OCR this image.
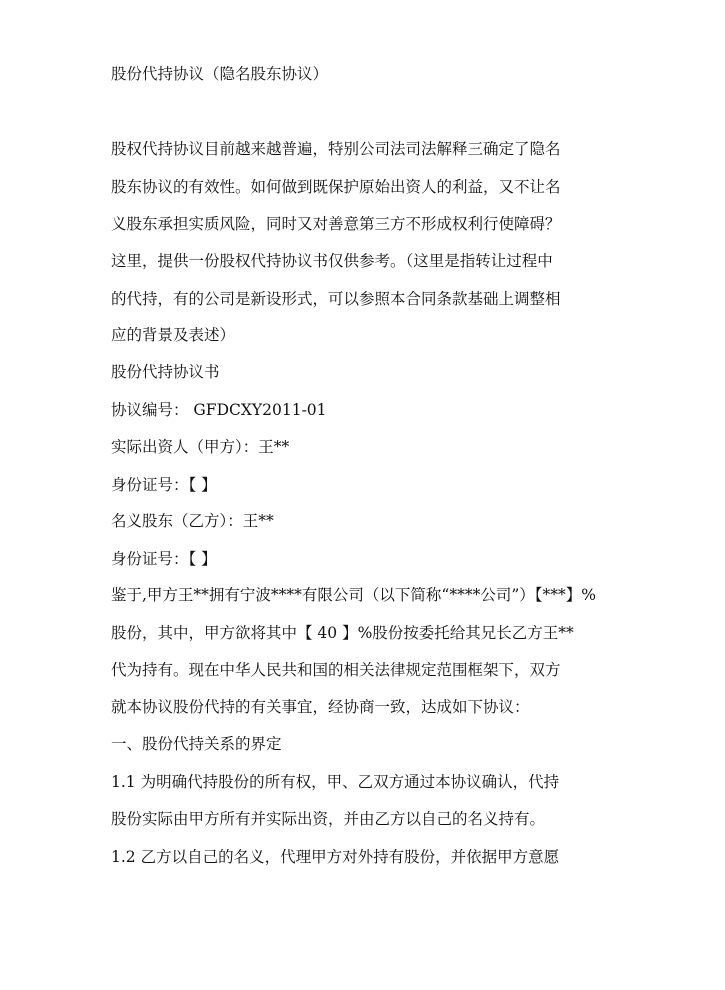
股份代持协议（隐名股东协议）

股权代持协议目前越来越普遍，特别公司法司法解释三确定了隐名

股东协议的有效性。如何做到既保护原始出资人的利益，又不让名

义股东承担实质风险，同时又对善意第三方不形成权利行使障碍？

这里，提供一份股权代持协议书仅供参考。（这里是指转让过程中

的代持，有的公司是新设形式，可以参照本合同条款基础上调整相

应的背景及表述）

股份代持协议书

协议编号： GFDCXY2011-01

实际出资人（甲方）：王**

身份证号：【 】

名义股东（乙方）：王**

身份证号：【 】

鉴于,甲方王**拥有宁波****有限公司（以下简称“****公司”）【***】%

股份，其中，甲方欲将其中【 40 】%股份按委托给其兄长乙方王**

代为持有。现在中华人民共和国的相关法律规定范围框架下，双方

就本协议股份代持的有关事宜，经协商一致，达成如下协议：

一、股份代持关系的界定

1.1 为明确代持股份的所有权，甲、乙双方通过本协议确认，代持

股份实际由甲方所有并实际出资，并由乙方以自己的名义持有。

1.2 乙方以自己的名义，代理甲方对外持有股份，并依据甲方意愿
